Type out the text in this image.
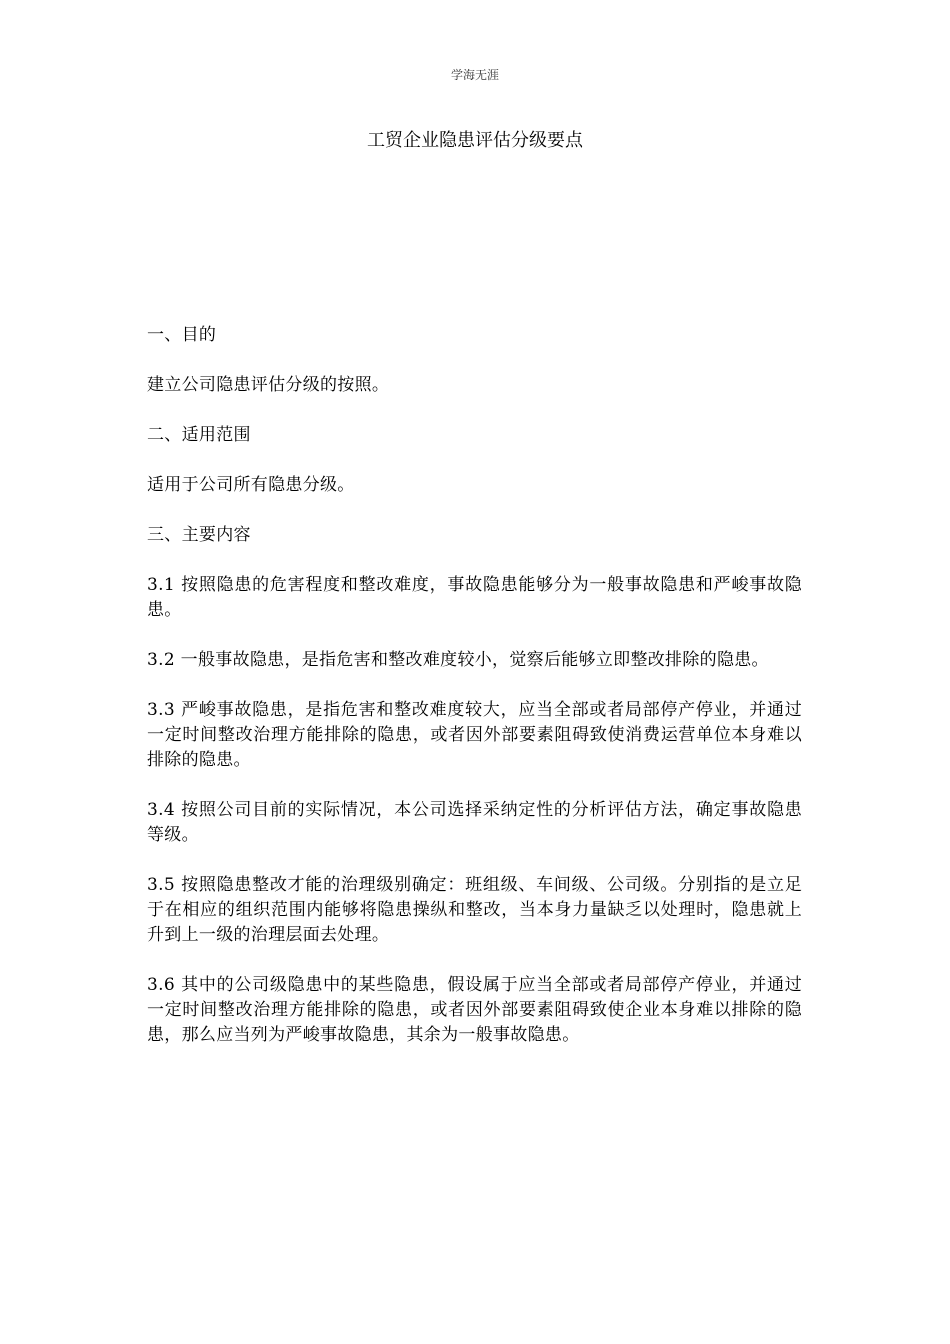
学海无涯
工贸企业隐患评估分级要点

一、目的

建立公司隐患评估分级的按照。

二、适用范围

适用于公司所有隐患分级。

三、主要内容

3.1 按照隐患的危害程度和整改难度，事故隐患能够分为一般事故隐患和严峻事故隐患。

3.2 一般事故隐患，是指危害和整改难度较小，觉察后能够立即整改排除的隐患。

3.3 严峻事故隐患，是指危害和整改难度较大，应当全部或者局部停产停业，并通过一定时间整改治理方能排除的隐患，或者因外部要素阻碍致使消费运营单位本身难以排除的隐患。

3.4 按照公司目前的实际情况，本公司选择采纳定性的分析评估方法，确定事故隐患等级。

3.5 按照隐患整改才能的治理级别确定：班组级、车间级、公司级。分别指的是立足于在相应的组织范围内能够将隐患操纵和整改，当本身力量缺乏以处理时，隐患就上升到上一级的治理层面去处理。

3.6 其中的公司级隐患中的某些隐患，假设属于应当全部或者局部停产停业，并通过一定时间整改治理方能排除的隐患，或者因外部要素阻碍致使企业本身难以排除的隐患，那么应当列为严峻事故隐患，其余为一般事故隐患。
